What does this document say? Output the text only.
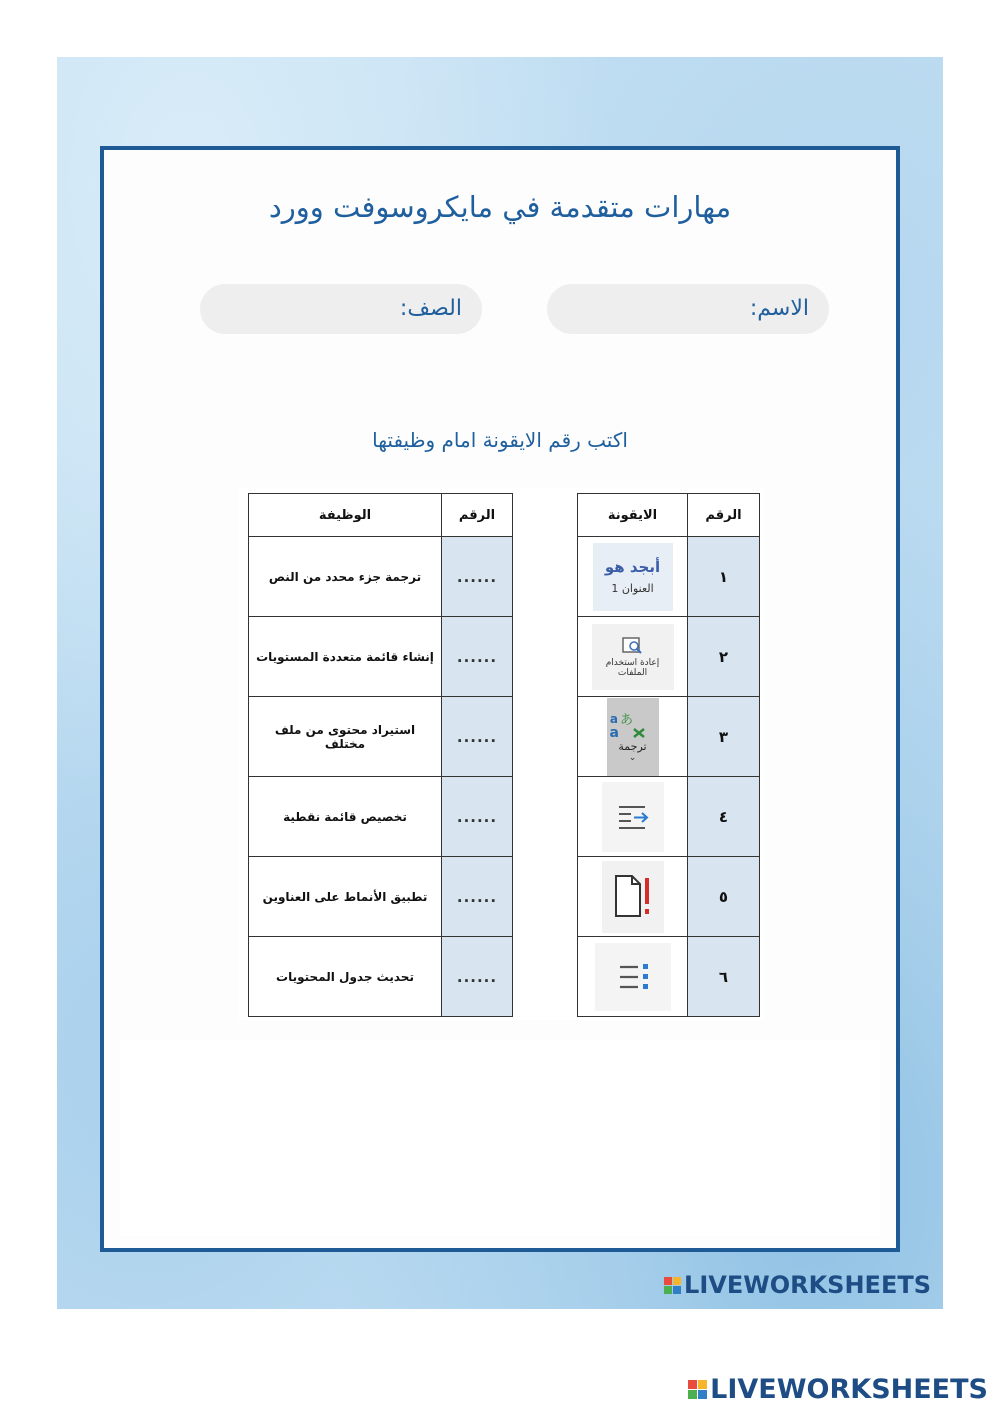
مهارات متقدمة في مايكروسوفت وورد
الاسم:
الصف:
اكتب رقم الايقونة امام وظيفتها
الرقم	الايقونة
١	أبجد هو
العنوان 1

٢	إعادة استخدام
الملفات

٣	a
a
あ
ترجمة
⌄

٤	

٥	

٦	
الرقم	الوظيفة
......	ترجمة جزء محدد من النص
......	إنشاء قائمة متعددة المستويات
......	استيراد محتوى من ملف مختلف
......	تخصيص قائمة نقطية
......	تطبيق الأنماط على العناوين
......	تحديث جدول المحتويات
LIVEWORKSHEETS
LIVEWORKSHEETS
